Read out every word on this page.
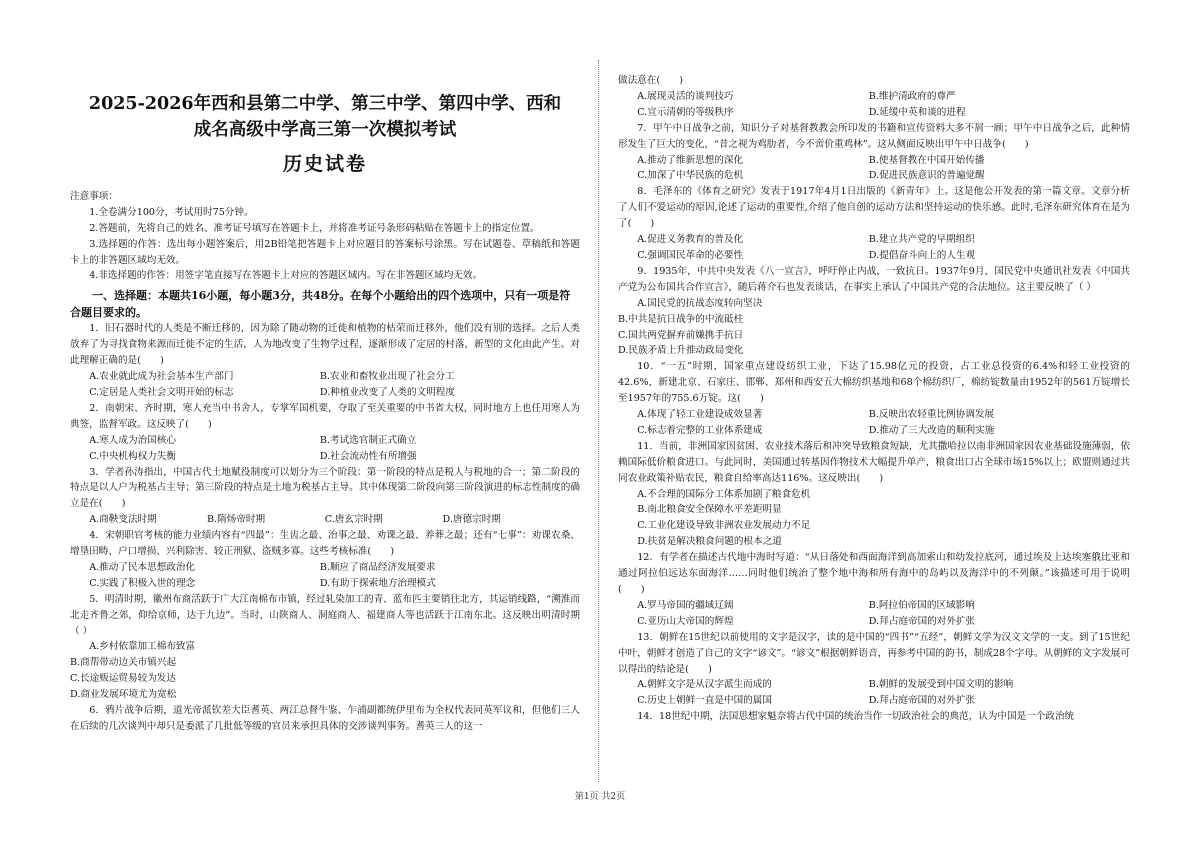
2025-2026年西和县第二中学、第三中学、第四中学、西和

成名高级中学高三第一次模拟考试

历史试卷

注意事项：

1.全卷满分100分，考试用时75分钟。

2.答题前，先将自己的姓名、准考证号填写在答题卡上，并将准考证号条形码粘贴在答题卡上的指定位置。

3.选择题的作答：选出每小题答案后，用2B铅笔把答题卡上对应题目的答案标号涂黑。写在试题卷、草稿纸和答题卡上的非答题区域均无效。

4.非选择题的作答：用签字笔直接写在答题卡上对应的答题区域内。写在非答题区域均无效。

一、选择题：本题共16小题，每小题3分，共48分。在每个小题给出的四个选项中，只有一项是符合题目要求的。

1．旧石器时代的人类是不断迁移的，因为除了随动物的迁徙和植物的枯荣而迁移外，他们没有别的选择。之后人类放弃了为寻找食物来源而迁徙不定的生活，人为地改变了生物学过程，逐渐形成了定居的村落，新型的文化由此产生。对此理解正确的是(　　)

A.农业就此成为社会基本生产部门	B.农业和畜牧业出现了社会分工
C.定居是人类社会文明开始的标志	D.种植业改变了人类的文明程度

2．南朝宋、齐时期，寒人充当中书舍人，专掌军国机要，夺取了至关重要的中书省大权，同时地方上也任用寒人为典签，监督军政。这反映了(　　)

A.寒人成为治国核心	B.考试选官制正式确立
C.中央机构权力失衡	D.社会流动性有所增强

3．学者孙涛指出，中国古代土地赋役制度可以划分为三个阶段：第一阶段的特点是税人与税地的合一；第二阶段的特点是以人户为税基占主导；第三阶段的特点是土地为税基占主导。其中体现第二阶段向第三阶段演进的标志性制度的确立是在(　　)

A.商鞅变法时期	B.隋炀帝时期	C.唐玄宗时期	D.唐德宗时期

4．宋朝职官考核的能力业绩内容有“四最”：生齿之最、治事之最、劝课之最、养葬之最；还有“七事”：劝课农桑、增垦田畴、户口增损、兴利除害、较正刑狱、盗贼多寡。这些考核标准(　　)

A.推动了民本思想政治化	B.顺应了商品经济发展要求
C.实践了积极入世的理念	D.有助于探索地方治理模式

5．明清时期，徽州布商活跃于广大江南棉布市镇，经过轧染加工的青、蓝布匹主要销往北方，其运销线路，“溯淮而北走齐鲁之郊，仰给京师，达于九边”。当时，山陕商人、洞庭商人、福建商人等也活跃于江南东北。这反映出明清时期（ ）

A.乡村依靠加工棉布致富

B.商帮带动边关市镇兴起

C.长途贩运贸易较为发达

D.商业发展环境尤为宽松

6．鸦片战争后期，道光帝派钦差大臣耆英、两江总督牛鉴、乍浦副都统伊里布为全权代表同英军议和，但他们三人在后续的几次谈判中却只是委派了几批低等级的官员来承担具体的交涉谈判事务。耆英三人的这一

做法意在(　　)

A.展现灵活的谈判技巧	B.维护清政府的尊严
C.宣示清朝的等级秩序	D.延缓中英和谈的进程

7．甲午中日战争之前，知识分子对基督教教会所印发的书籍和宣传资料大多不屑一顾；甲午中日战争之后，此种情形发生了巨大的变化，“昔之视为鸡肋者，今不啻价重鸡林”。这从侧面反映出甲午中日战争(　　)

A.推动了维新思想的深化	B.使基督教在中国开始传播
C.加深了中华民族的危机	D.促进民族意识的普遍觉醒

8．毛泽东的《体育之研究》发表于1917年4月1日出版的《新青年》上。这是他公开发表的第一篇文章。文章分析了人们不爱运动的原因,论述了运动的重要性,介绍了他自创的运动方法和坚持运动的快乐感。此时,毛泽东研究体育在是为了(　　)

A.促进义务教育的普及化	B.建立共产党的早期组织
C.强调国民革命的必要性	D.提倡奋斗向上的人生观

9．1935年，中共中央发表《八一宣言》，呼吁停止内战，一致抗日。1937年9月，国民党中央通讯社发表《中国共产党为公布国共合作宣言》，随后蒋介石也发表谈话，在事实上承认了中国共产党的合法地位。这主要反映了（ ）

A.国民党的抗战态度转向坚决

B.中共是抗日战争的中流砥柱

C.国共两党摒弃前嫌携手抗日

D.民族矛盾上升推动政局变化

10．“一五”时期，国家重点建设纺织工业，下达了15.98亿元的投资，占工业总投资的6.4%和轻工业投资的42.6%，新建北京、石家庄、邯郸、郑州和西安五大棉纺织基地和68个棉纺织厂，棉纺锭数量由1952年的561万锭增长至1957年的755.6万锭。这(　　)

A.体现了轻工业建设成效显著	B.反映出农轻重比例协调发展
C.标志着完整的工业体系建成	D.推动了三大改造的顺利实施

11．当前，非洲国家因贫困、农业技术落后和冲突导致粮食短缺，尤其撒哈拉以南非洲国家因农业基础设施薄弱，依赖国际低价粮食进口。与此同时，美国通过转基因作物技术大幅提升单产，粮食出口占全球市场15%以上；欧盟则通过共同农业政策补贴农民，粮食自给率高达116%。这反映出(　　)

A.不合理的国际分工体系加剧了粮食危机

B.南北粮食安全保障水平差距明显

C.工业化建设导致非洲农业发展动力不足

D.扶贫是解决粮食问题的根本之道

12．有学者在描述古代地中海时写道：“从日落处和西面海洋到高加索山和幼发拉底河，通过埃及上达埃塞俄比亚和通过阿拉伯远达东面海洋……同时他们统治了整个地中海和所有海中的岛屿以及海洋中的不列颠。”该描述可用于说明(　　)

A.罗马帝国的疆域辽阔	B.阿拉伯帝国的区域影响
C.亚历山大帝国的辉煌	D.拜占庭帝国的对外扩张

13．朝鲜在15世纪以前使用的文字是汉字，读的是中国的“四书”“五经”，朝鲜文学为汉文文学的一支。到了15世纪中叶，朝鲜才创造了自己的文字“谚文”。“谚文”根据朝鲜语音，再参考中国的韵书，制成28个字母。从朝鲜的文字发展可以得出的结论是(　　)

A.朝鲜文字是从汉字派生而成的	B.朝鲜的发展受到中国文明的影响
C.历史上朝鲜一直是中国的属国	D.拜占庭帝国的对外扩张

14．18世纪中期，法国思想家魁奈将古代中国的统治当作一切政治社会的典范，认为中国是一个政治统

第1页 共2页
